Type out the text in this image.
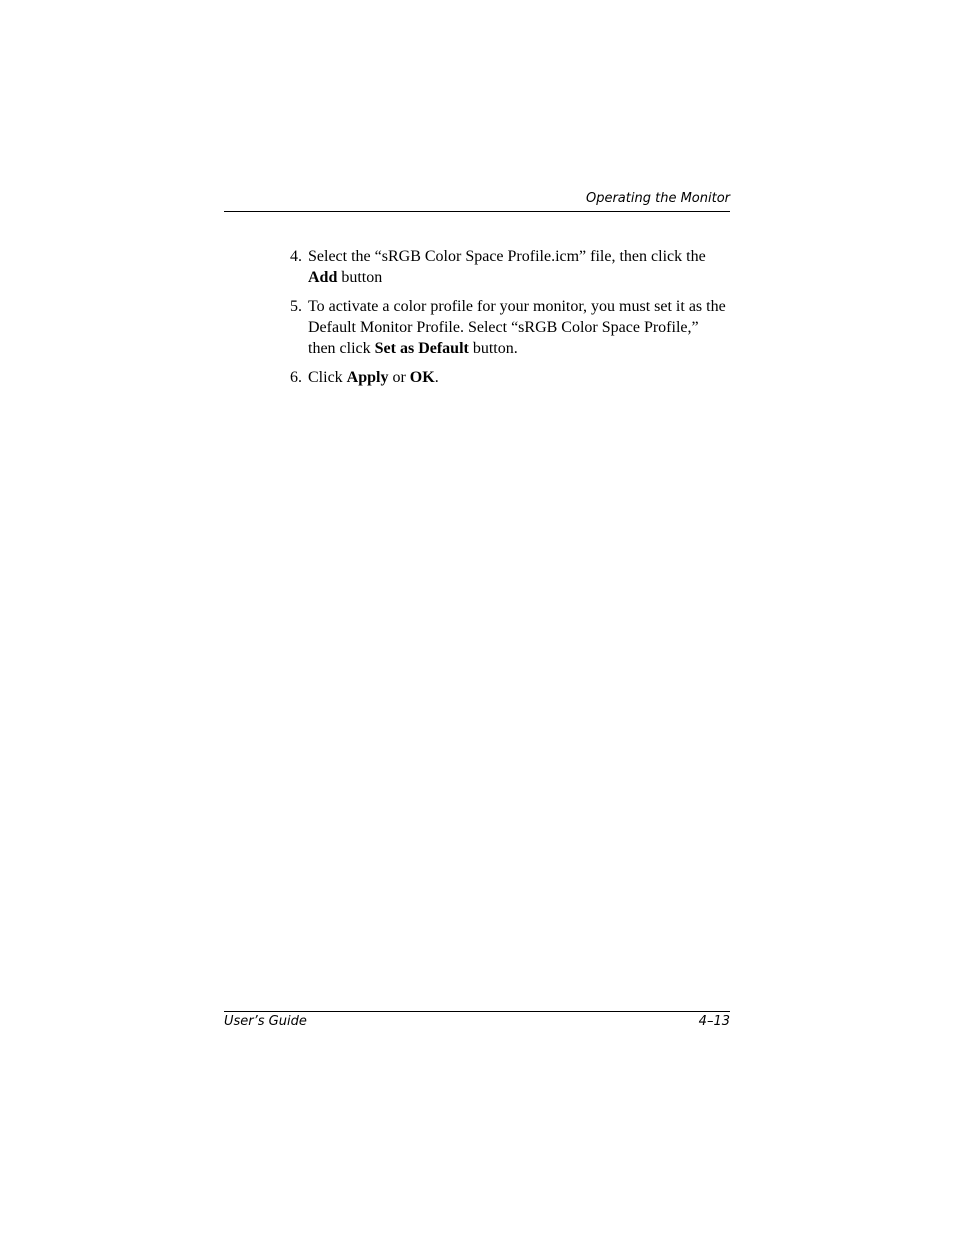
Operating the Monitor
4. Select the “sRGB Color Space Profile.icm” file, then click the Add button
5. To activate a color profile for your monitor, you must set it as the Default Monitor Profile. Select “sRGB Color Space Profile,” then click Set as Default button.
6. Click Apply or OK.
User’s Guide	4–13
